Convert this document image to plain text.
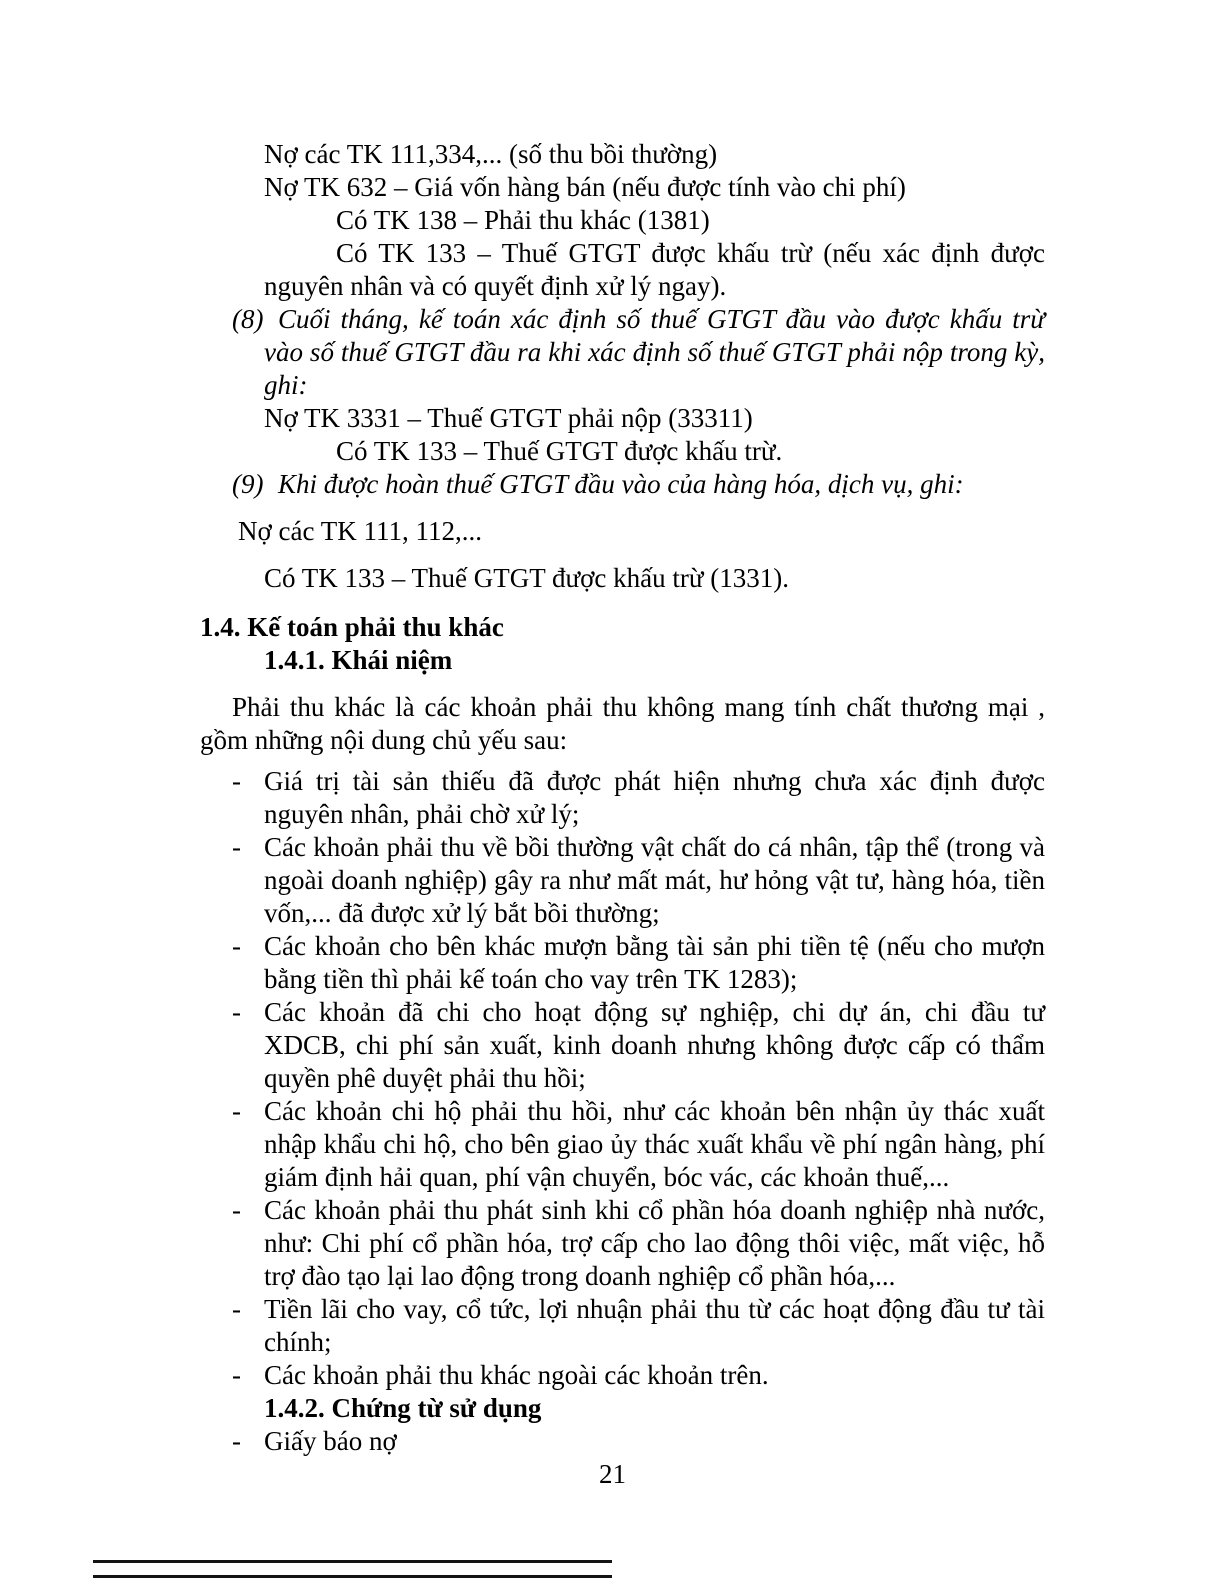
Nợ các TK 111,334,... (số thu bồi thường)
Nợ TK 632 – Giá vốn hàng bán (nếu được tính vào chi phí)
Có TK 138 – Phải thu khác (1381)
Có TK 133 – Thuế GTGT được khấu trừ (nếu xác định được nguyên nhân và có quyết định xử lý ngay).
(8) Cuối tháng, kế toán xác định số thuế GTGT đầu vào được khấu trừ vào số thuế GTGT đầu ra khi xác định số thuế GTGT phải nộp trong kỳ, ghi:
Nợ TK 3331 – Thuế GTGT phải nộp (33311)
Có TK 133 – Thuế GTGT được khấu trừ.
(9) Khi được hoàn thuế GTGT đầu vào của hàng hóa, dịch vụ, ghi:
Nợ các TK 111, 112,...
Có TK 133 – Thuế GTGT được khấu trừ (1331).
1.4. Kế toán phải thu khác
1.4.1. Khái niệm
Phải thu khác là các khoản phải thu không mang tính chất thương mại , gồm những nội dung chủ yếu sau:
- Giá trị tài sản thiếu đã được phát hiện nhưng chưa xác định được nguyên nhân, phải chờ xử lý;
- Các khoản phải thu về bồi thường vật chất do cá nhân, tập thể (trong và ngoài doanh nghiệp) gây ra như mất mát, hư hỏng vật tư, hàng hóa, tiền vốn,... đã được xử lý bắt bồi thường;
- Các khoản cho bên khác mượn bằng tài sản phi tiền tệ (nếu cho mượn bằng tiền thì phải kế toán cho vay trên TK 1283);
- Các khoản đã chi cho hoạt động sự nghiệp, chi dự án, chi đầu tư XDCB, chi phí sản xuất, kinh doanh nhưng không được cấp có thẩm quyền phê duyệt phải thu hồi;
- Các khoản chi hộ phải thu hồi, như các khoản bên nhận ủy thác xuất nhập khẩu chi hộ, cho bên giao ủy thác xuất khẩu về phí ngân hàng, phí giám định hải quan, phí vận chuyển, bóc vác, các khoản thuế,...
- Các khoản phải thu phát sinh khi cổ phần hóa doanh nghiệp nhà nước, như: Chi phí cổ phần hóa, trợ cấp cho lao động thôi việc, mất việc, hỗ trợ đào tạo lại lao động trong doanh nghiệp cổ phần hóa,...
- Tiền lãi cho vay, cổ tức, lợi nhuận phải thu từ các hoạt động đầu tư tài chính;
- Các khoản phải thu khác ngoài các khoản trên.
1.4.2. Chứng từ sử dụng
- Giấy báo nợ
21
